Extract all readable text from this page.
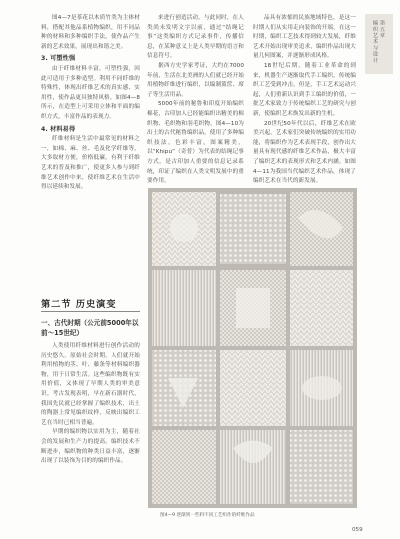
第五章
编织艺术与设计

图4—7是茶花以木质竹类为主体材料，搭配其他品系植物编织，用不同品种的材料和多种编织手法，使作品产生新的艺术效果，展现出和谐之美。

3. 可塑性强

由于纤维材料丰富，可塑性强，因此可适用于多种造型。利用不同纤维的特殊性，体现出纤维艺术的真实感、实用性，使作品更具独特风格。如图4—8所示，在造型上可采用立体和平面的编织方式，丰富作品的表现力。

4. 材料易得

纤维材料是生活中最常见的材料之一，如棉、麻、丝、毛及化学纤维等，大多取材方便，价格低廉，有利于纤维艺术的普及和推广，使更多人参与到纤维艺术创作中来，使纤维艺术在生活中得以延续和发展。

来进行创造活动，与此同时，在人类尚未发明文字以前，通过“结绳记事”这类编织方式记录事件，传播信息，在某种意义上是人类早期的语言和信息符号。

据西方史学家考证，大约在7000年前，生活在北美洲的人们就已经开始用植物纤维进行编织，以编制篮筐、席子等生活用品。

5000年前的秘鲁和印度开始编织棉花，古印加人已经能编织出精美的棉织物、毛织物和羽毛织物。图4—10为出土的古代秘鲁编织品，使用了多种编织技法，色彩丰富，图案精美，以“Khipu”（奇普）为代表的结绳记事方式，是古印加人重要的信息记录系统，印证了编织在人类文明发展中的重要作用。

品具有浓郁的民族地域特色，是这一时期人们从实用走向装饰的开端，在这一时期，编织工艺技术得到较大发展，纤维艺术开始出现审美追求，编织作品出现大量几何图案，并逐渐形成风格。

18世纪后期，随着工业革命的到来，机器生产逐渐取代手工编织，传统编织工艺受到冲击。但是，手工艺术运动兴起，人们重新认识到手工编织的价值，一批艺术家致力于传统编织工艺的研究与创新，使编织艺术焕发出新的生机。

20世纪50年代以后，纤维艺术在欧美兴起，艺术家们突破传统编织的实用功能，将编织作为艺术表现手段，创作出大量具有现代感的纤维艺术作品，极大丰富了编织艺术的表现形式和艺术内涵。如图4—11为我国当代编织艺术作品，体现了编织艺术在当代的新发展。

第二节 历史演变
一、古代时期（公元前5000年以前～15世纪）

人类使用纤维材料进行创作活动的历史悠久。原始社会时期，人们就开始利用植物的茎、叶、藤条等材料编织器物，用于日常生活。这些编织物既有实用价值，又体现了早期人类的审美意识。考古发现表明，早在新石器时代，我国先民就已经掌握了编织技术，出土的陶器上常见编织纹样，反映出编织工艺在当时已相当普遍。

早期的编织物以实用为主，随着社会的发展和生产力的提高，编织技术不断进步，编织物的种类日益丰富，逐渐出现了以装饰为目的的编织作品。

图4—9 逐渐到一些料不同工艺织作的纤维作品
059
